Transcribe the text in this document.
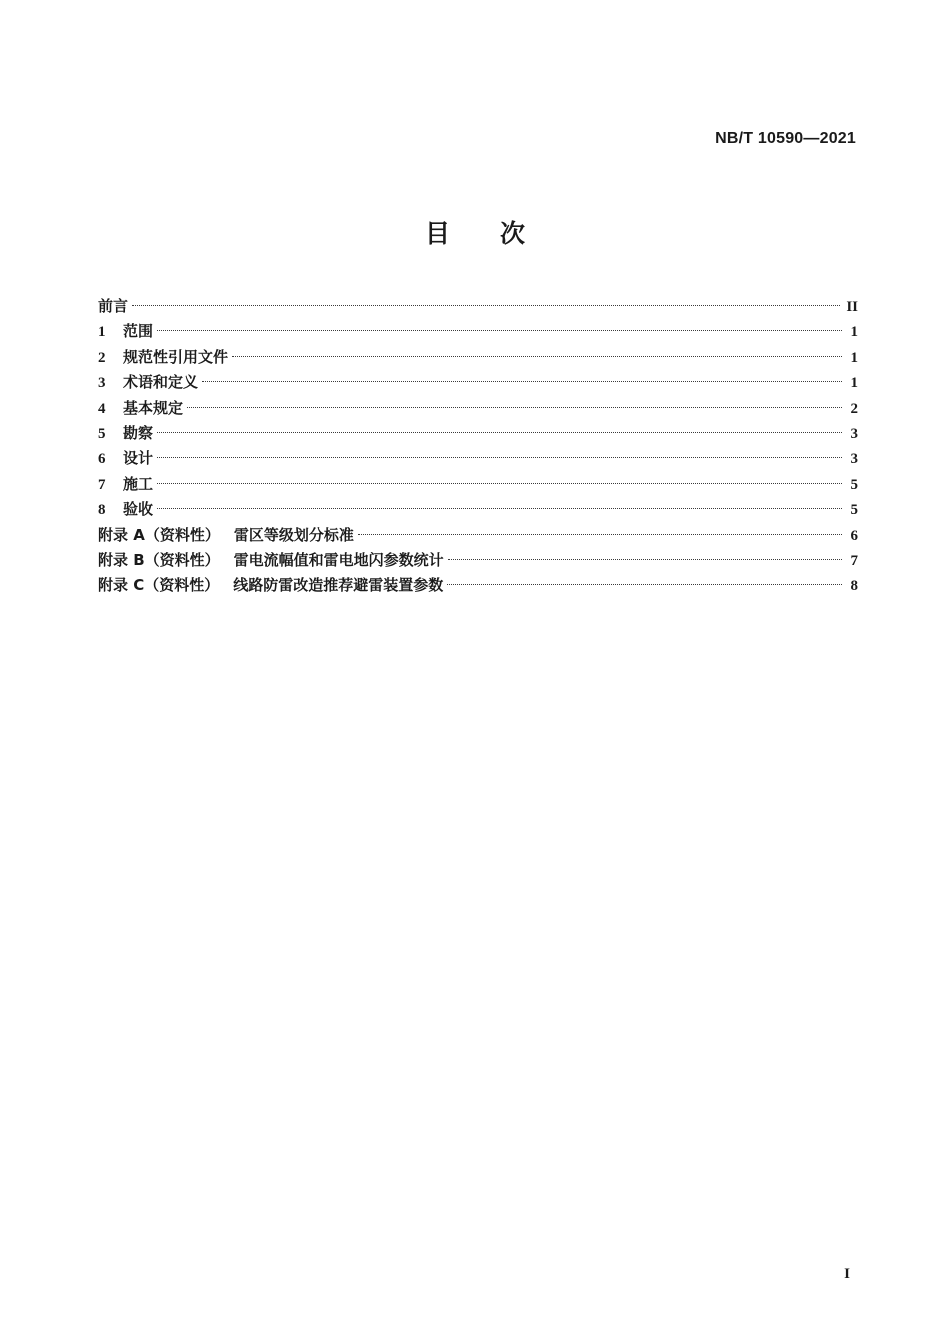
NB/T 10590—2021
目次
前言	II
1	范围	1
2	规范性引用文件	1
3	术语和定义	1
4	基本规定	2
5	勘察	3
6	设计	3
7	施工	5
8	验收	5
附录 A（资料性） 雷区等级划分标准	6
附录 B（资料性） 雷电流幅值和雷电地闪参数统计	7
附录 C（资料性） 线路防雷改造推荐避雷装置参数	8
I
